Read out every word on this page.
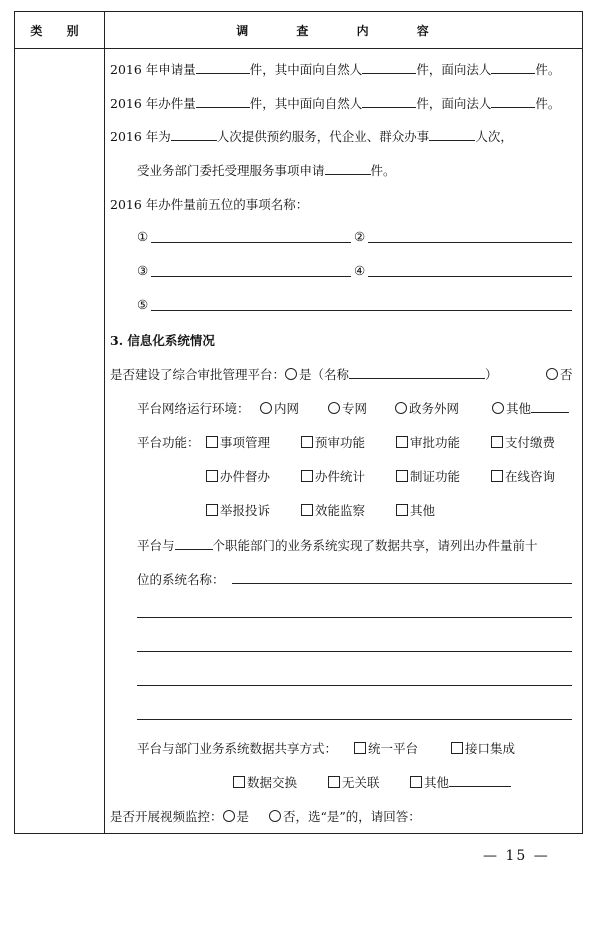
类 别	调 查 内 容
2016 年申请量	件，其中面向自然人	件，面向法人	件。
2016 年办件量	件，其中面向自然人	件，面向法人	件。
2016 年为	人次提供预约服务，代企业、群众办事	人次，
受业务部门委托受理服务事项申请	件。
2016 年办件量前五位的事项名称：
①	②
③	④
⑤
3. 信息化系统情况
是否建设了综合审批管理平台： 是（名称	）	否
平台网络运行环境：	内网	专网	政务外网	其他
平台功能：	事项管理	预审功能	审批功能	支付缴费
办件督办	办件统计	制证功能	在线咨询
举报投诉	效能监察	其他
平台与	个职能部门的业务系统实现了数据共享，请列出办件量前十
位的系统名称：
平台与部门业务系统数据共享方式：	统一平台	接口集成
数据交换	无关联	其他
是否开展视频监控： 是	否，选“是”的，请回答：
— 15 —
